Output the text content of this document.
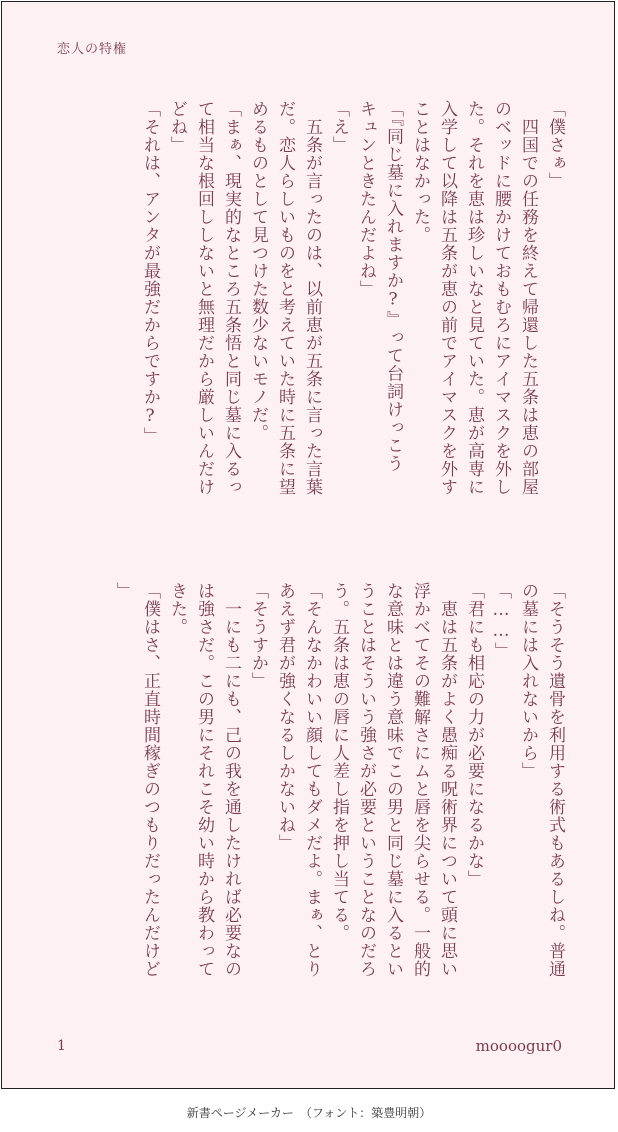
恋人の特権

「僕さぁ」

　四国での任務を終えて帰還した五条は恵の部屋

のベッドに腰かけておもむろにアイマスクを外し

た。それを恵は珍しいなと見ていた。恵が高専に

入学して以降は五条が恵の前でアイマスクを外す

ことはなかった。

「『同じ墓に入れますか?』って台詞けっこう

キュンときたんだよね」

「え」

　五条が言ったのは、以前恵が五条に言った言葉

だ。恋人らしいものをと考えていた時に五条に望

めるものとして見つけた数少ないモノだ。

「まぁ、現実的なところ五条悟と同じ墓に入るっ

て相当な根回ししないと無理だから厳しいんだけ

どね」

「それは、アンタが最強だからですか?」

「そうそう遺骨を利用する術式もあるしね。普通

の墓には入れないから」

「……」

「君にも相応の力が必要になるかな」

　恵は五条がよく愚痴る呪術界について頭に思い

浮かべてその難解さにムと唇を尖らせる。一般的

な意味とは違う意味でこの男と同じ墓に入るとい

うことはそういう強さが必要ということなのだろ

う。五条は恵の唇に人差し指を押し当てる。

「そんなかわいい顔してもダメだよ。まぁ、とり

あえず君が強くなるしかないね」

「そうすか」

　一にも二にも、己の我を通したければ必要なの

は強さだ。この男にそれこそ幼い時から教わって

きた。

「僕はさ、正直時間稼ぎのつもりだったんだけど

」

1	moooogur0
新書ページメーカー　（フォント：築豊明朝）
